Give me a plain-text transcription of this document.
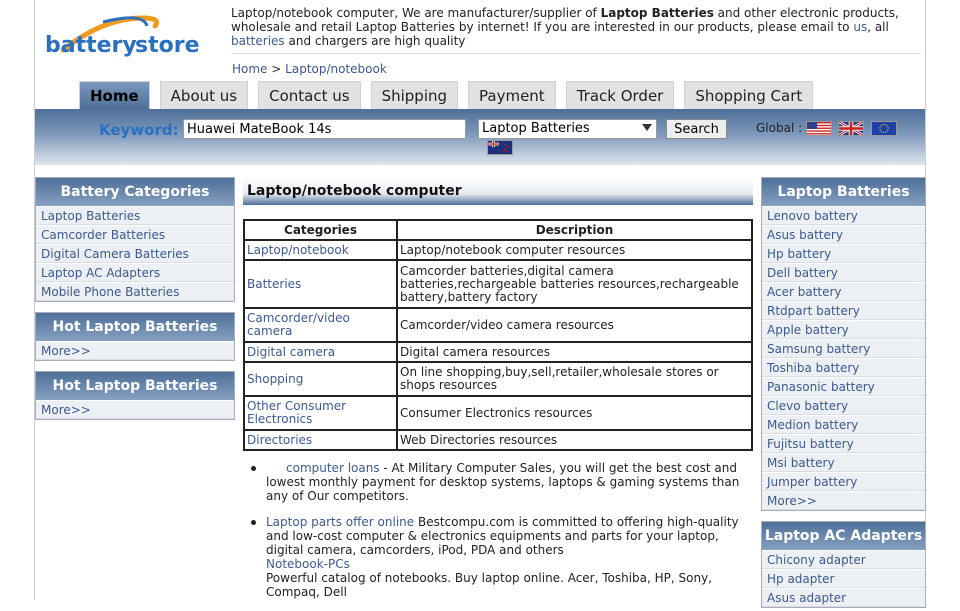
battery
store
Laptop/notebook computer, We are manufacturer/supplier of Laptop Batteries and other electronic products, wholesale and retail Laptop Batteries by internet! If you are interested in our products, please email to us, all batteries and chargers are high quality
Home > Laptop/notebook
Home	About us	Contact us	Shipping	Payment	Track Order	Shopping Cart
Keyword:
Huawei MateBook 14s	Laptop Batteries	Search	Global :
Battery Categories
Laptop Batteries
Camcorder Batteries
Digital Camera Batteries
Laptop AC Adapters
Mobile Phone Batteries
Hot Laptop Batteries
More>>
Hot Laptop Batteries
More>>
Laptop/notebook computer
Categories	Description
Laptop/notebook	Laptop/notebook computer resources
Batteries	Camcorder batteries,digital camera batteries,rechargeable batteries resources,rechargeable battery,battery factory
Camcorder/video camera	Camcorder/video camera resources
Digital camera	Digital camera resources
Shopping	On line shopping,buy,sell,retailer,wholesale stores or shops resources
Other Consumer Electronics	Consumer Electronics resources
Directories	Web Directories resources
computer loans - At Military Computer Sales, you will get the best cost and lowest monthly payment for desktop systems, laptops & gaming systems than any of Our competitors.
Laptop parts offer online Bestcompu.com is committed to offering high-quality and low-cost computer & electronics equipments and parts for your laptop, digital camera, camcorders, iPod, PDA and others
Notebook-PCs
Powerful catalog of notebooks. Buy laptop online. Acer, Toshiba, HP, Sony, Compaq, Dell
Laptop Batteries
Lenovo battery
Asus battery
Hp battery
Dell battery
Acer battery
Rtdpart battery
Apple battery
Samsung battery
Toshiba battery
Panasonic battery
Clevo battery
Medion battery
Fujitsu battery
Msi battery
Jumper battery
More>>
Laptop AC Adapters
Chicony adapter
Hp adapter
Asus adapter
